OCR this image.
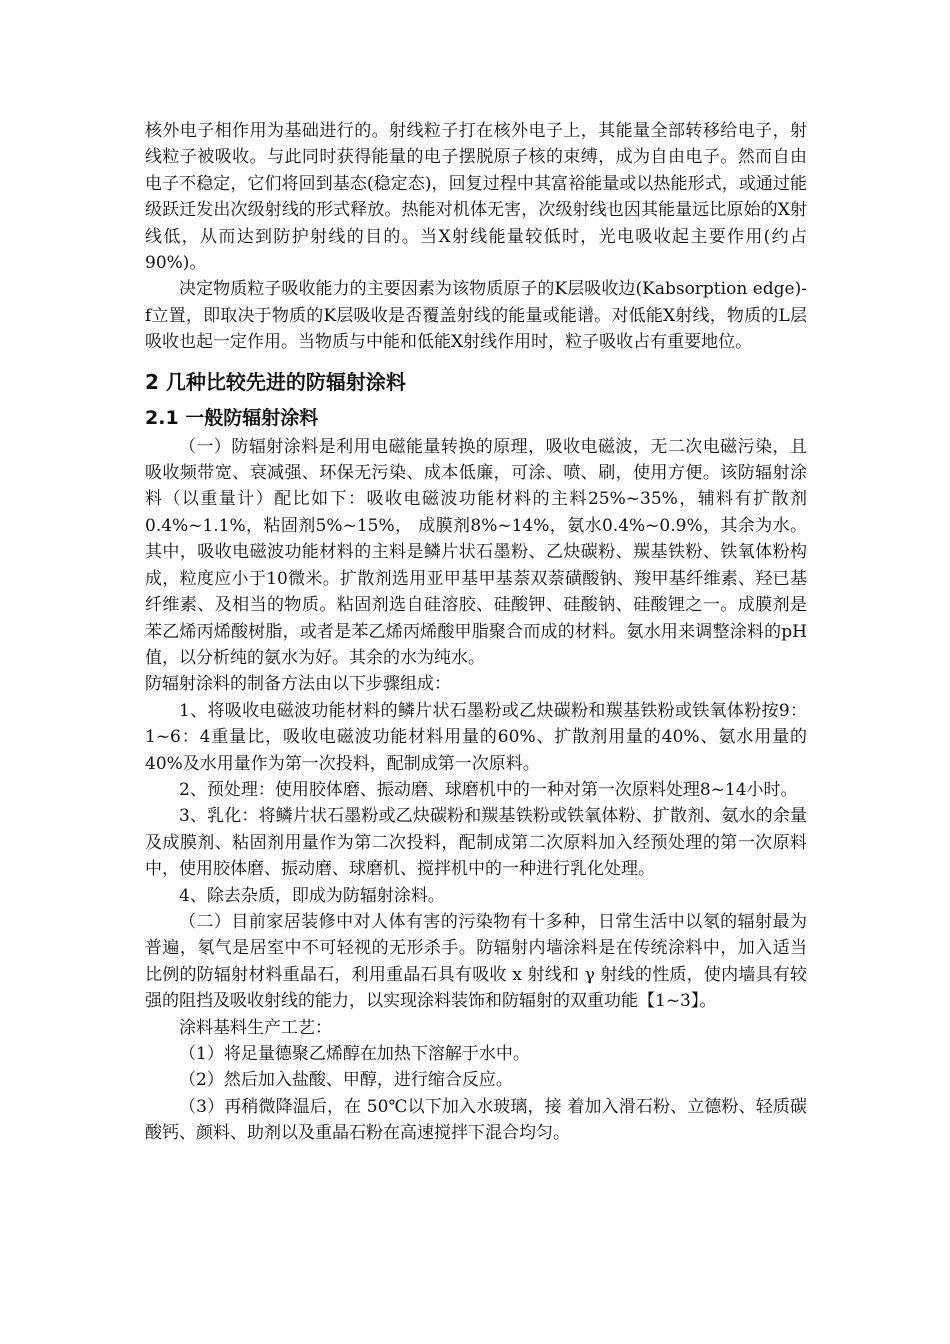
核外电子相作用为基础进行的。射线粒子打在核外电子上，其能量全部转移给电子，射线粒子被吸收。与此同时获得能量的电子摆脱原子核的束缚，成为自由电子。然而自由电子不稳定，它们将回到基态(稳定态)，回复过程中其富裕能量或以热能形式，或通过能级跃迁发出次级射线的形式释放。热能对机体无害，次级射线也因其能量远比原始的X射线低，从而达到防护射线的目的。当X射线能量较低时，光电吸收起主要作用(约占90%)。

决定物质粒子吸收能力的主要因素为该物质原子的K层吸收边(Kabsorption edge)-f立置，即取决于物质的K层吸收是否覆盖射线的能量或能谱。对低能X射线，物质的L层吸收也起一定作用。当物质与中能和低能X射线作用时，粒子吸收占有重要地位。

2 几种比较先进的防辐射涂料
2.1 一般防辐射涂料

（一）防辐射涂料是利用电磁能量转换的原理，吸收电磁波，无二次电磁污染，且吸收频带宽、衰减强、环保无污染、成本低廉，可涂、喷、刷，使用方便。该防辐射涂料（以重量计）配比如下：吸收电磁波功能材料的主料25%~35%，辅料有扩散剂0.4%~1.1%，粘固剂5%~15%， 成膜剂8%~14%，氨水0.4%~0.9%，其余为水。其中，吸收电磁波功能材料的主料是鳞片状石墨粉、乙炔碳粉、羰基铁粉、铁氧体粉构成，粒度应小于10微米。扩散剂选用亚甲基甲基萘双萘磺酸钠、羧甲基纤维素、羟已基纤维素、及相当的物质。粘固剂选自硅溶胶、硅酸钾、硅酸钠、硅酸锂之一。成膜剂是苯乙烯丙烯酸树脂，或者是苯乙烯丙烯酸甲脂聚合而成的材料。氨水用来调整涂料的pH值，以分析纯的氨水为好。其余的水为纯水。

防辐射涂料的制备方法由以下步骤组成：

1、将吸收电磁波功能材料的鳞片状石墨粉或乙炔碳粉和羰基铁粉或铁氧体粉按9：1~6：4重量比，吸收电磁波功能材料用量的60%、扩散剂用量的40%、氨水用量的40%及水用量作为第一次投料，配制成第一次原料。

2、预处理：使用胶体磨、振动磨、球磨机中的一种对第一次原料处理8~14小时。

3、乳化：将鳞片状石墨粉或乙炔碳粉和羰基铁粉或铁氧体粉、扩散剂、氨水的余量及成膜剂、粘固剂用量作为第二次投料，配制成第二次原料加入经预处理的第一次原料中，使用胶体磨、振动磨、球磨机、搅拌机中的一种进行乳化处理。

4、除去杂质，即成为防辐射涂料。

（二）目前家居装修中对人体有害的污染物有十多种，日常生活中以氡的辐射最为普遍，氡气是居室中不可轻视的无形杀手。防辐射内墙涂料是在传统涂料中，加入适当比例的防辐射材料重晶石，利用重晶石具有吸收 x 射线和 γ 射线的性质，使内墙具有较强的阻挡及吸收射线的能力，以实现涂料装饰和防辐射的双重功能【1~3】。

涂料基料生产工艺：

（1）将足量德聚乙烯醇在加热下溶解于水中。

（2）然后加入盐酸、甲醇，进行缩合反应。

（3）再稍微降温后，在 50℃以下加入水玻璃，接 着加入滑石粉、立德粉、轻质碳酸钙、颜料、助剂以及重晶石粉在高速搅拌下混合均匀。
